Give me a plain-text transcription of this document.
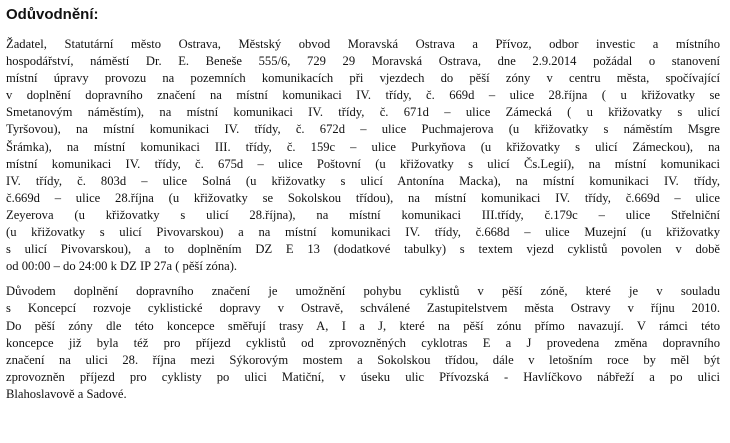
Odůvodnění:

Žadatel, Statutární město Ostrava, Městský obvod Moravská Ostrava a Přívoz, odbor investic a místního
hospodářství, náměstí Dr. E. Beneše 555/6, 729 29 Moravská Ostrava, dne 2.9.2014 požádal o stanovení
místní úpravy provozu na pozemních komunikacích při vjezdech do pěší zóny v centru města, spočívající
v doplnění dopravního značení na místní komunikaci IV. třídy, č. 669d – ulice 28.října ( u křižovatky se
Smetanovým náměstím), na místní komunikaci IV. třídy, č. 671d – ulice Zámecká ( u křižovatky s ulicí
Tyršovou), na místní komunikaci IV. třídy, č. 672d – ulice Puchmajerova (u křižovatky s náměstím Msgre
Šrámka), na místní komunikaci III. třídy, č. 159c – ulice Purkyňova (u křižovatky s ulicí Zámeckou), na
místní komunikaci IV. třídy, č. 675d – ulice Poštovní (u křižovatky s ulicí Čs.Legií), na místní komunikaci
IV. třídy, č. 803d – ulice Solná (u křižovatky s ulicí Antonína Macka), na místní komunikaci IV. třídy,
č.669d – ulice 28.října (u křižovatky se Sokolskou třídou), na místní komunikaci IV. třídy, č.669d – ulice
Zeyerova (u křižovatky s ulicí 28.října), na místní komunikaci III.třídy, č.179c – ulice Střelniční
(u křižovatky s ulicí Pivovarskou) a na místní komunikaci IV. třídy, č.668d – ulice Muzejní (u křižovatky
s ulicí Pivovarskou), a to doplněním DZ E 13 (dodatkové tabulky) s textem vjezd cyklistů povolen v době
od 00:00 – do 24:00 k DZ IP 27a ( pěší zóna).

Důvodem doplnění dopravního značení je umožnění pohybu cyklistů v pěší zóně, které je v souladu
s Koncepcí rozvoje cyklistické dopravy v Ostravě, schválené Zastupitelstvem města Ostravy v říjnu 2010.
Do pěší zóny dle této koncepce směřují trasy A, I a J, které na pěší zónu přímo navazují. V rámci této
koncepce již byla též pro příjezd cyklistů od zprovozněných cyklotras E a J provedena změna dopravního
značení na ulici 28. října mezi Sýkorovým mostem a Sokolskou třídou, dále v letošním roce by měl být
zprovozněn příjezd pro cyklisty po ulici Matiční, v úseku ulic Přívozská - Havlíčkovo nábřeží a po ulici
Blahoslavově a Sadové.
